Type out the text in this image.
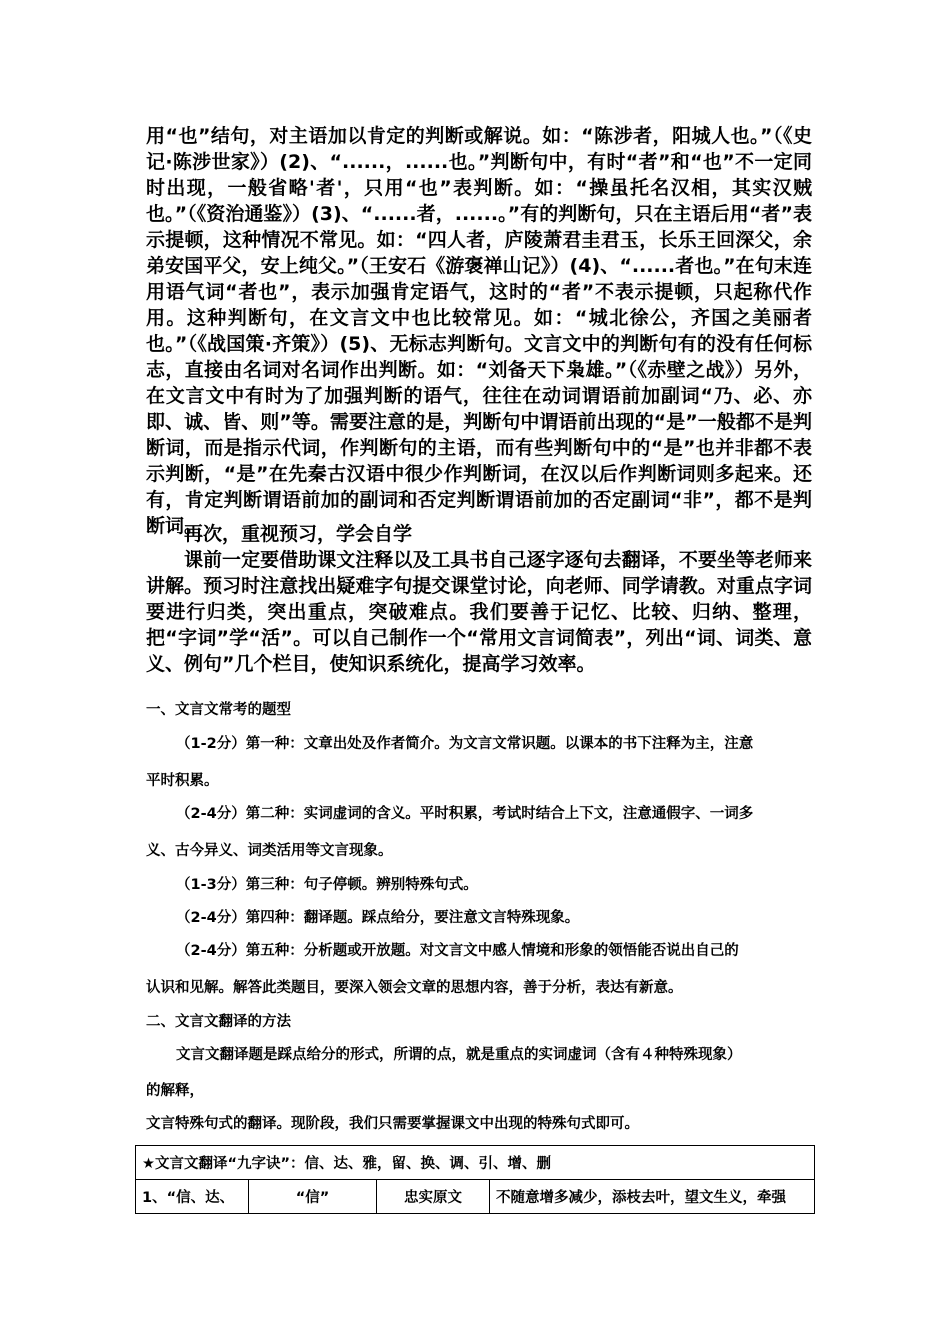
用“也”结句，对主语加以肯定的判断或解说。如：“陈涉者，阳城人也。”（《史记·陈涉世家》）(2)、“......，......也。”判断句中，有时“者”和“也”不一定同时出现，一般省略'者'，只用“也”表判断。如：“操虽托名汉相，其实汉贼也。”（《资治通鉴》）(3)、“......者，......。”有的判断句，只在主语后用“者”表示提顿，这种情况不常见。如：“四人者，庐陵萧君圭君玉，长乐王回深父，余弟安国平父，安上纯父。”（王安石《游褒禅山记》）(4)、“......者也。”在句末连用语气词“者也”，表示加强肯定语气，这时的“者”不表示提顿，只起称代作用。这种判断句，在文言文中也比较常见。如：“城北徐公，齐国之美丽者也。”（《战国策·齐策》）(5)、无标志判断句。文言文中的判断句有的没有任何标志，直接由名词对名词作出判断。如：“刘备天下枭雄。”（《赤壁之战》）另外，在文言文中有时为了加强判断的语气，往往在动词谓语前加副词“乃、必、亦即、诚、皆、则”等。需要注意的是，判断句中谓语前出现的“是”一般都不是判断词，而是指示代词，作判断句的主语，而有些判断句中的“是”也并非都不表示判断，“是”在先秦古汉语中很少作判断词，在汉以后作判断词则多起来。还有，肯定判断谓语前加的副词和否定判断谓语前加的否定副词“非”，都不是判断词。

再次，重视预习，学会自学

课前一定要借助课文注释以及工具书自己逐字逐句去翻译，不要坐等老师来讲解。预习时注意找出疑难字句提交课堂讨论，向老师、同学请教。对重点字词要进行归类，突出重点，突破难点。我们要善于记忆、比较、归纳、整理，把“字词”学“活”。可以自己制作一个“常用文言词简表”，列出“词、词类、意义、例句”几个栏目，使知识系统化，提高学习效率。

一、文言文常考的题型

（1-2分）第一种：文章出处及作者简介。为文言文常识题。以课本的书下注释为主，注意

平时积累。

（2-4分）第二种：实词虚词的含义。平时积累，考试时结合上下文，注意通假字、一词多

义、古今异义、词类活用等文言现象。

（1-3分）第三种：句子停顿。辨别特殊句式。

（2-4分）第四种：翻译题。踩点给分，要注意文言特殊现象。

（2-4分）第五种：分析题或开放题。对文言文中感人情境和形象的领悟能否说出自己的

认识和见解。解答此类题目，要深入领会文章的思想内容，善于分析，表达有新意。

二、文言文翻译的方法

文言文翻译题是踩点给分的形式，所谓的点，就是重点的实词虚词（含有４种特殊现象）

的解释，

文言特殊句式的翻译。现阶段，我们只需要掌握课文中出现的特殊句式即可。

★文言文翻译“九字诀”：信、达、雅，留、换、调、引、增、删
1、“信、达、	“信”	忠实原文	不随意增多减少，添枝去叶，望文生义，牵强
